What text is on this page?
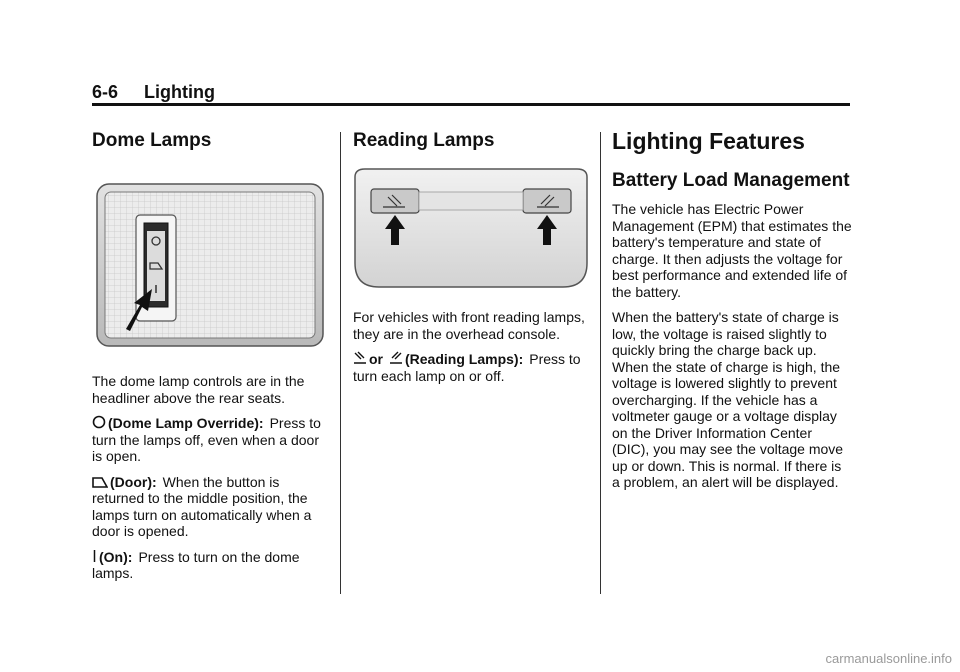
6-6 Lighting
Dome Lamps

The dome lamp controls are in the headliner above the rear seats.

(Dome Lamp Override): Press to turn the lamps off, even when a door is open.

(Door): When the button is returned to the middle position, the lamps turn on automatically when a door is opened.

(On): Press to turn on the dome lamps.

Reading Lamps

For vehicles with front reading lamps, they are in the overhead console.

or (Reading Lamps): Press to turn each lamp on or off.

Lighting Features
Battery Load Management

The vehicle has Electric Power Management (EPM) that estimates the battery's temperature and state of charge. It then adjusts the voltage for best performance and extended life of the battery.

When the battery's state of charge is low, the voltage is raised slightly to quickly bring the charge back up. When the state of charge is high, the voltage is lowered slightly to prevent overcharging. If the vehicle has a voltmeter gauge or a voltage display on the Driver Information Center (DIC), you may see the voltage move up or down. This is normal. If there is a problem, an alert will be displayed.

carmanualsonline.info
